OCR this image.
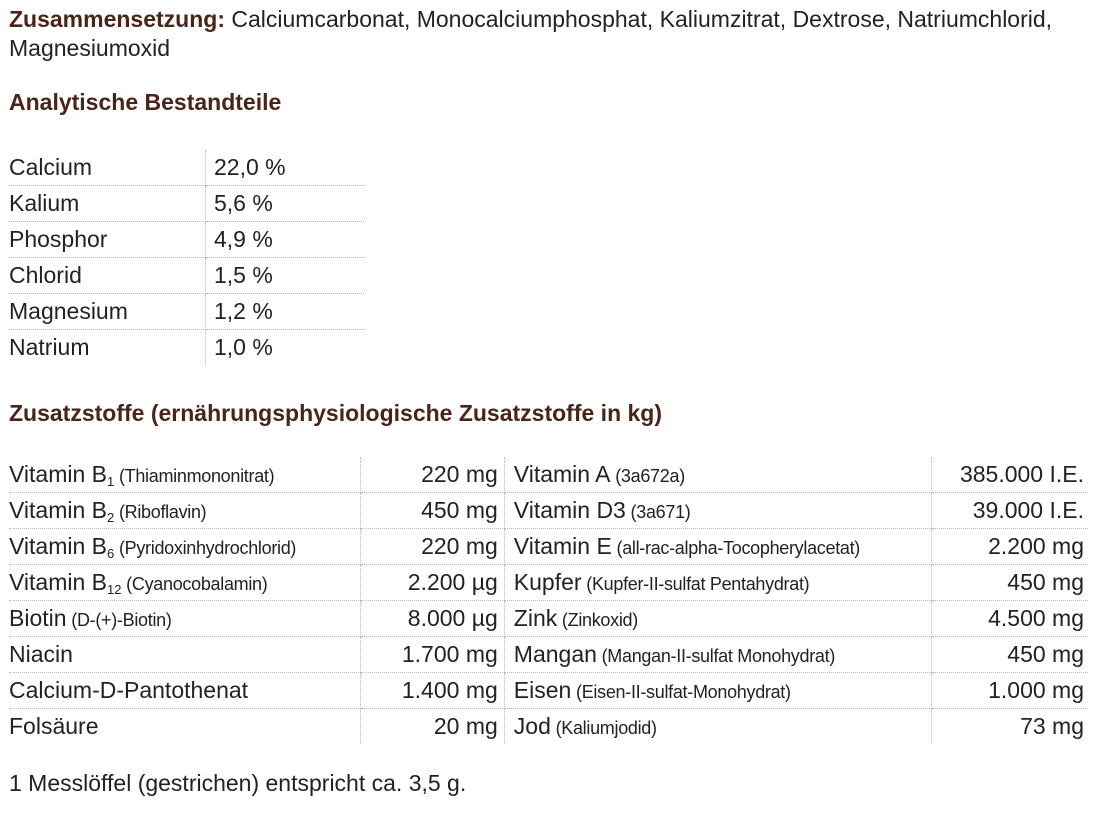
Zusammensetzung: Calciumcarbonat, Monocalciumphosphat, Kaliumzitrat, Dextrose, Natriumchlorid, Magnesiumoxid

Analytische Bestandteile
Calcium	22,0 %
Kalium	5,6 %
Phosphor	4,9 %
Chlorid	1,5 %
Magnesium	1,2 %
Natrium	1,0 %
Zusatzstoffe (ernährungsphysiologische Zusatzstoffe in kg)
Vitamin $B_1$ (Thiaminmononitrat)	220 mg	Vitamin A (3a672a)	385.000 I.E.
Vitamin $B_2$ (Riboflavin)	450 mg	Vitamin D3 (3a671)	39.000 I.E.
Vitamin $B_6$ (Pyridoxinhydrochlorid)	220 mg	Vitamin E (all-rac-alpha-Tocopherylacetat)	2.200 mg
Vitamin $B_{12}$ (Cyanocobalamin)	2.200 µg	Kupfer (Kupfer-II-sulfat Pentahydrat)	450 mg
Biotin (D-(+)-Biotin)	8.000 µg	Zink (Zinkoxid)	4.500 mg
Niacin	1.700 mg	Mangan (Mangan-II-sulfat Monohydrat)	450 mg
Calcium-D-Pantothenat	1.400 mg	Eisen (Eisen-II-sulfat-Monohydrat)	1.000 mg
Folsäure	20 mg	Jod (Kaliumjodid)	73 mg

1 Messlöffel (gestrichen) entspricht ca. 3,5 g.
